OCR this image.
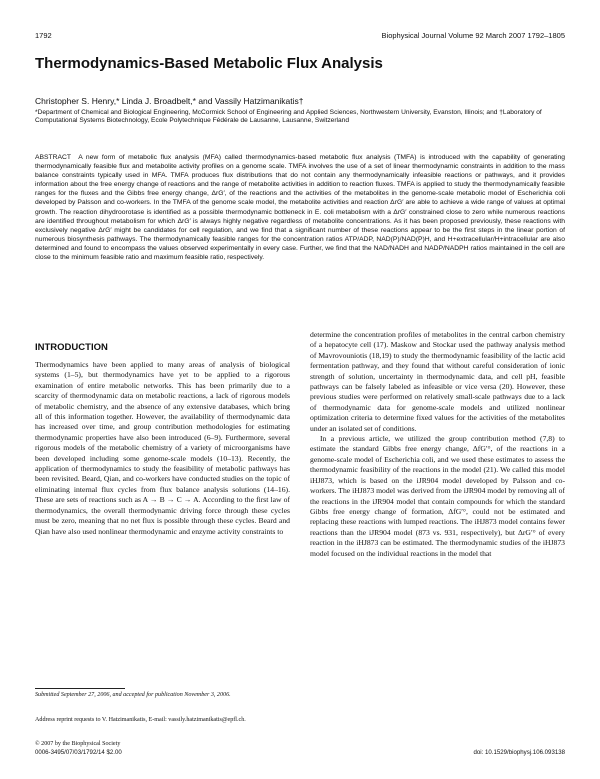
1792	Biophysical Journal Volume 92 March 2007 1792–1805
Thermodynamics-Based Metabolic Flux Analysis
Christopher S. Henry,* Linda J. Broadbelt,* and Vassily Hatzimanikatis†
*Department of Chemical and Biological Engineering, McCormick School of Engineering and Applied Sciences, Northwestern University, Evanston, Illinois; and †Laboratory of Computational Systems Biotechnology, Ecole Polytechnique Fédérale de Lausanne, Lausanne, Switzerland
ABSTRACT A new form of metabolic flux analysis (MFA) called thermodynamics-based metabolic flux analysis (TMFA) is introduced with the capability of generating thermodynamically feasible flux and metabolite activity profiles on a genome scale. TMFA involves the use of a set of linear thermodynamic constraints in addition to the mass balance constraints typically used in MFA. TMFA produces flux distributions that do not contain any thermodynamically infeasible reactions or pathways, and it provides information about the free energy change of reactions and the range of metabolite activities in addition to reaction fluxes. TMFA is applied to study the thermodynamically feasible ranges for the fluxes and the Gibbs free energy change, ΔrG′, of the reactions and the activities of the metabolites in the genome-scale metabolic model of Escherichia coli developed by Palsson and co-workers. In the TMFA of the genome scale model, the metabolite activities and reaction ΔrG′ are able to achieve a wide range of values at optimal growth. The reaction dihydroorotase is identified as a possible thermodynamic bottleneck in E. coli metabolism with a ΔrG′ constrained close to zero while numerous reactions are identified throughout metabolism for which ΔrG′ is always highly negative regardless of metabolite concentrations. As it has been proposed previously, these reactions with exclusively negative ΔrG′ might be candidates for cell regulation, and we find that a significant number of these reactions appear to be the first steps in the linear portion of numerous biosynthesis pathways. The thermodynamically feasible ranges for the concentration ratios ATP/ADP, NAD(P)/NAD(P)H, and H+extracellular/H+intracellular are also determined and found to encompass the values observed experimentally in every case. Further, we find that the NAD/NADH and NADP/NADPH ratios maintained in the cell are close to the minimum feasible ratio and maximum feasible ratio, respectively.
INTRODUCTION

Thermodynamics have been applied to many areas of analysis of biological systems (1–5), but thermodynamics have yet to be applied to a rigorous examination of entire metabolic networks. This has been primarily due to a scarcity of thermodynamic data on metabolic reactions, a lack of rigorous models of metabolic chemistry, and the absence of any extensive databases, which bring all of this information together. However, the availability of thermodynamic data has increased over time, and group contribution methodologies for estimating thermodynamic properties have also been introduced (6–9). Furthermore, several rigorous models of the metabolic chemistry of a variety of microorganisms have been developed including some genome-scale models (10–13). Recently, the application of thermodynamics to study the feasibility of metabolic pathways has been revisited. Beard, Qian, and co-workers have conducted studies on the topic of eliminating internal flux cycles from flux balance analysis solutions (14–16). These are sets of reactions such as A → B → C → A. According to the first law of thermodynamics, the overall thermodynamic driving force through these cycles must be zero, meaning that no net flux is possible through these cycles. Beard and Qian have also used nonlinear thermodynamic and enzyme activity constraints to

determine the concentration profiles of metabolites in the central carbon chemistry of a hepatocyte cell (17). Maskow and Stockar used the pathway analysis method of Mavrovouniotis (18,19) to study the thermodynamic feasibility of the lactic acid fermentation pathway, and they found that without careful consideration of ionic strength of solution, uncertainty in thermodynamic data, and cell pH, feasible pathways can be falsely labeled as infeasible or vice versa (20). However, these previous studies were performed on relatively small-scale pathways due to a lack of thermodynamic data for genome-scale models and utilized nonlinear optimization criteria to determine fixed values for the activities of the metabolites under an isolated set of conditions.

In a previous article, we utilized the group contribution method (7,8) to estimate the standard Gibbs free energy change, ΔfG′°, of the reactions in a genome-scale model of Escherichia coli, and we used these estimates to assess the thermodynamic feasibility of the reactions in the model (21). We called this model iHJ873, which is based on the iJR904 model developed by Palsson and co-workers. The iHJ873 model was derived from the iJR904 model by removing all of the reactions in the iJR904 model that contain compounds for which the standard Gibbs free energy change of formation, ΔfG′°, could not be estimated and replacing these reactions with lumped reactions. The iHJ873 model contains fewer reactions than the iJR904 model (873 vs. 931, respectively), but ΔrG′° of every reaction in the iHJ873 can be estimated. The thermodynamic studies of the iHJ873 model focused on the individual reactions in the model that

Submitted September 27, 2006, and accepted for publication November 3, 2006.
Address reprint requests to V. Hatzimanikatis, E-mail: vassily.hatzimanikatis@epfl.ch.
© 2007 by the Biophysical Society
0006-3495/07/03/1792/14 $2.00	doi: 10.1529/biophysj.106.093138
